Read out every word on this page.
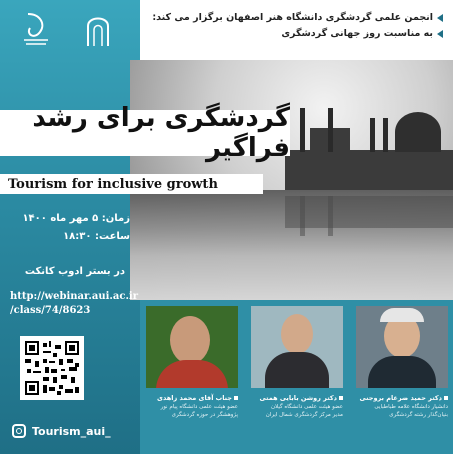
انجمن علمی گردشگری دانشگاه هنر اصفهان برگزار می کند:
به مناسبت روز جهانی گردشگری
گردشگری برای رشد فراگیر
Tourism for inclusive growth
زمان: ۵ مهر ماه ۱۴۰۰
ساعت: ۱۸:۳۰
در بستر ادوب کانکت
http://webinar.aui.ac.ir
/class/74/8623
Tourism_aui_
جناب آقای محمد زاهدی
عضو هیئت علمی دانشگاه پیام نور
پژوهشگر در حوزه گردشگری
دکتر روشن بابایی همتی
عضو هیئت علمی دانشگاه گیلان
مدیر مرکز گردشگری شمال ایران
دکتر حمید ضرغام بروجنی
دانشیار دانشگاه علامه طباطبایی
بنیان‌گذار رشته گردشگری
